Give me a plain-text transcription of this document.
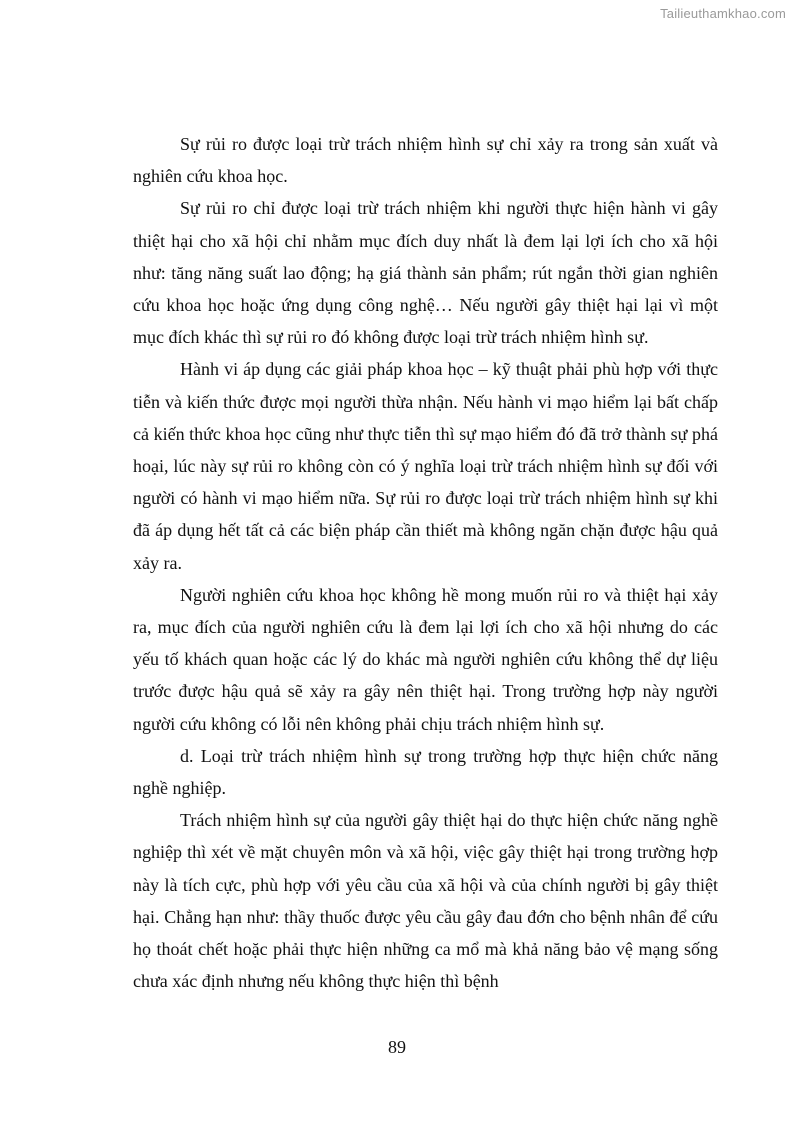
Tailieuthamkhao.com

Sự rủi ro được loại trừ trách nhiệm hình sự chỉ xảy ra trong sản xuất và nghiên cứu khoa học.

Sự rủi ro chỉ được loại trừ trách nhiệm khi người thực hiện hành vi gây thiệt hại cho xã hội chỉ nhằm mục đích duy nhất là đem lại lợi ích cho xã hội như: tăng năng suất lao động; hạ giá thành sản phẩm; rút ngắn thời gian nghiên cứu khoa học hoặc ứng dụng công nghệ… Nếu người gây thiệt hại lại vì một mục đích khác thì sự rủi ro đó không được loại trừ trách nhiệm hình sự.

Hành vi áp dụng các giải pháp khoa học – kỹ thuật phải phù hợp với thực tiễn và kiến thức được mọi người thừa nhận. Nếu hành vi mạo hiểm lại bất chấp cả kiến thức khoa học cũng như thực tiễn thì sự mạo hiểm đó đã trở thành sự phá hoại, lúc này sự rủi ro không còn có ý nghĩa loại trừ trách nhiệm hình sự đối với người có hành vi mạo hiểm nữa. Sự rủi ro được loại trừ trách nhiệm hình sự khi đã áp dụng hết tất cả các biện pháp cần thiết mà không ngăn chặn được hậu quả xảy ra.

Người nghiên cứu khoa học không hề mong muốn rủi ro và thiệt hại xảy ra, mục đích của người nghiên cứu là đem lại lợi ích cho xã hội nhưng do các yếu tố khách quan hoặc các lý do khác mà người nghiên cứu không thể dự liệu trước được hậu quả sẽ xảy ra gây nên thiệt hại. Trong trường hợp này người người cứu không có lỗi nên không phải chịu trách nhiệm hình sự.

d. Loại trừ trách nhiệm hình sự trong trường hợp thực hiện chức năng nghề nghiệp.

Trách nhiệm hình sự của người gây thiệt hại do thực hiện chức năng nghề nghiệp thì xét về mặt chuyên môn và xã hội, việc gây thiệt hại trong trường hợp này là tích cực, phù hợp với yêu cầu của xã hội và của chính người bị gây thiệt hại. Chẳng hạn như: thầy thuốc được yêu cầu gây đau đớn cho bệnh nhân để cứu họ thoát chết hoặc phải thực hiện những ca mổ mà khả năng bảo vệ mạng sống chưa xác định nhưng nếu không thực hiện thì bệnh

89
